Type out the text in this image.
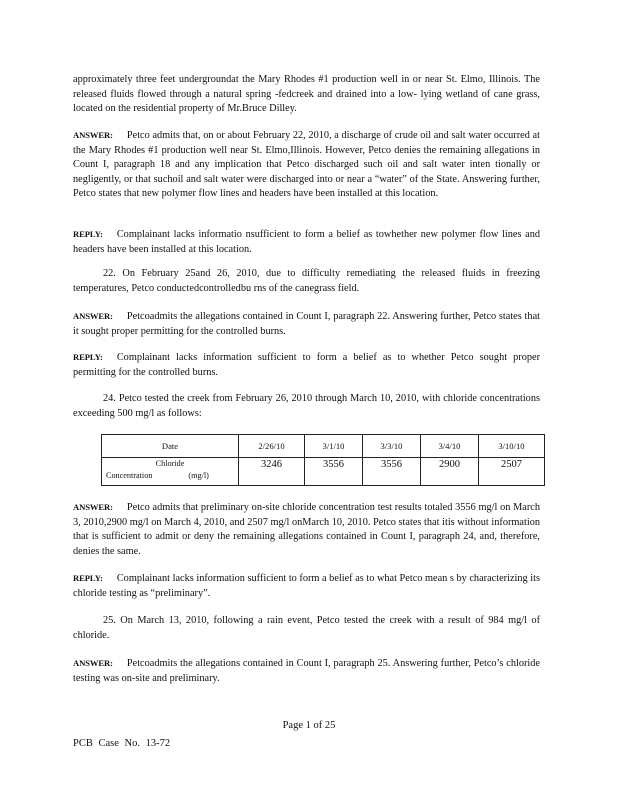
approximately three feet undergroundat the Mary Rhodes #1 production well in or near St. Elmo, Illinois. The released fluids flowed through a natural spring -fedcreek and drained into a low- lying wetland of cane grass, located on the residential property of Mr.Bruce Dilley.

ANSWER: Petco admits that, on or about February 22, 2010, a discharge of crude oil and salt water occurred at the Mary Rhodes #1 production well near St. Elmo,Illinois. However, Petco denies the remaining allegations in Count I, paragraph 18 and any implication that Petco discharged such oil and salt water inten tionally or negligently, or that suchoil and salt water were discharged into or near a “water” of the State. Answering further, Petco states that new polymer flow lines and headers have been installed at this location.

REPLY: Complainant lacks informatio nsufficient to form a belief as towhether new polymer flow lines and headers have been installed at this location.

22. On February 25and 26, 2010, due to difficulty remediating the released fluids in freezing temperatures, Petco conductedcontrolledbu rns of the canegrass field.

ANSWER: Petcoadmits the allegations contained in Count I, paragraph 22. Answering further, Petco states that it sought proper permitting for the controlled burns.

REPLY: Complainant lacks information sufficient to form a belief as to whether Petco sought proper permitting for the controlled burns.

24. Petco tested the creek from February 26, 2010 through March 10, 2010, with chloride concentrations exceeding 500 mg/l as follows:

Date	2/26/10	3/1/10	3/3/10	3/4/10	3/10/10

Chloride
Concentration (mg/l)	3246	3556	3556	2900	2507

ANSWER: Petco admits that preliminary on-site chloride concentration test results totaled 3556 mg/l on March 3, 2010,2900 mg/l on March 4, 2010, and 2507 mg/l onMarch 10, 2010. Petco states that itis without information that is sufficient to admit or deny the remaining allegations contained in Count I, paragraph 24, and, therefore, denies the same.

REPLY: Complainant lacks information sufficient to form a belief as to what Petco mean s by characterizing its chloride testing as “preliminary”.

25. On March 13, 2010, following a rain event, Petco tested the creek with a result of 984 mg/l of chloride.

ANSWER: Petcoadmits the allegations contained in Count I, paragraph 25. Answering further, Petco’s chloride testing was on-site and preliminary.

Page 1 of 25
PCB Case No. 13-72
